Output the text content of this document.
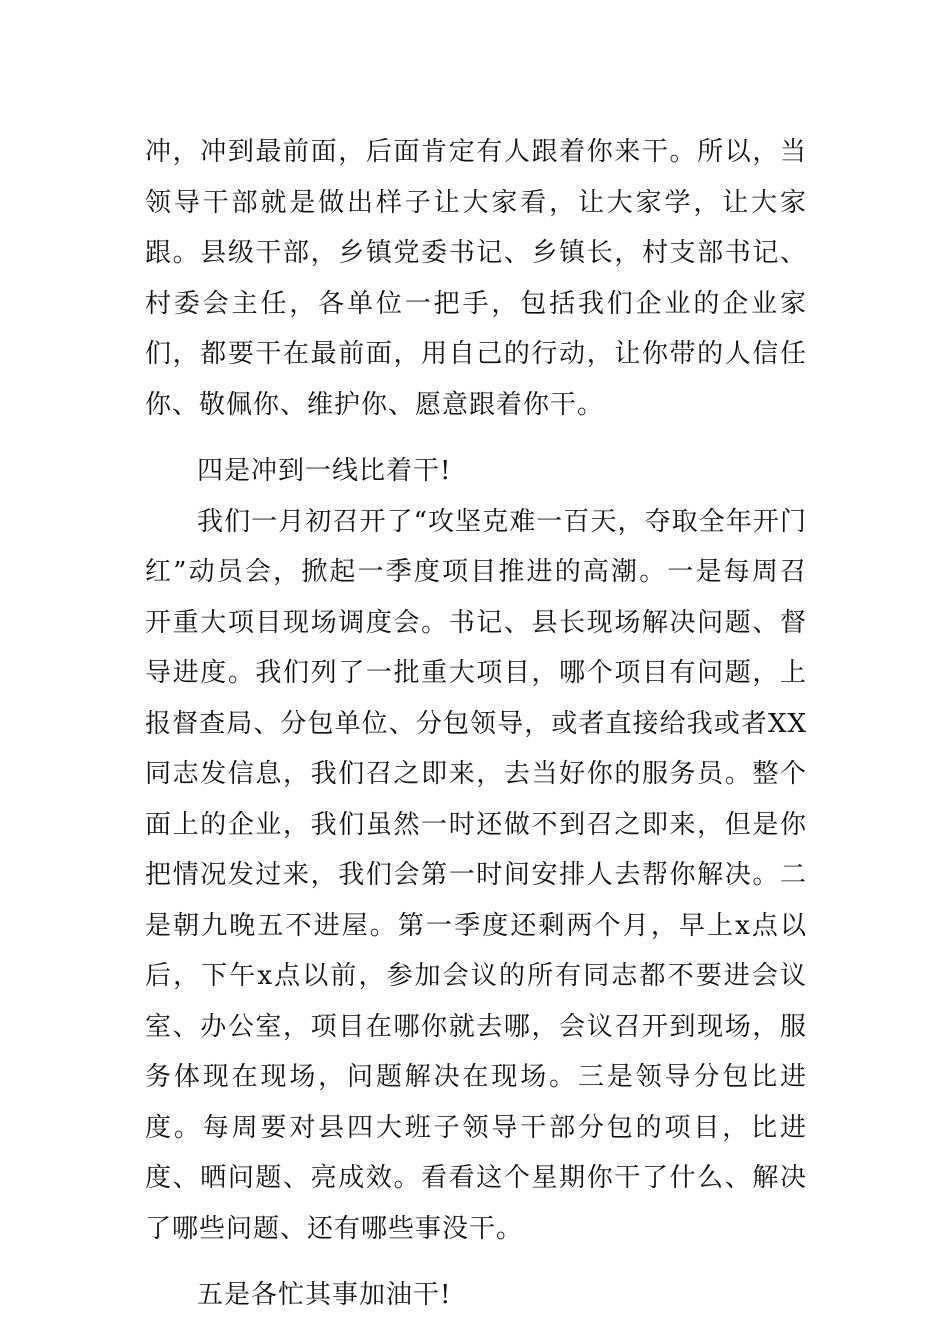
冲，冲到最前面，后面肯定有人跟着你来干。所以，当领导干部就是做出样子让大家看，让大家学，让大家跟。县级干部，乡镇党委书记、乡镇长，村支部书记、村委会主任，各单位一把手，包括我们企业的企业家们，都要干在最前面，用自己的行动，让你带的人信任你、敬佩你、维护你、愿意跟着你干。

四是冲到一线比着干!

我们一月初召开了“攻坚克难一百天，夺取全年开门红”动员会，掀起一季度项目推进的高潮。一是每周召开重大项目现场调度会。书记、县长现场解决问题、督导进度。我们列了一批重大项目，哪个项目有问题，上报督查局、分包单位、分包领导，或者直接给我或者XX同志发信息，我们召之即来，去当好你的服务员。整个面上的企业，我们虽然一时还做不到召之即来，但是你把情况发过来，我们会第一时间安排人去帮你解决。二是朝九晚五不进屋。第一季度还剩两个月，早上x点以后，下午x点以前，参加会议的所有同志都不要进会议室、办公室，项目在哪你就去哪，会议召开到现场，服务体现在现场，问题解决在现场。三是领导分包比进度。每周要对县四大班子领导干部分包的项目，比进度、晒问题、亮成效。看看这个星期你干了什么、解决了哪些问题、还有哪些事没干。

五是各忙其事加油干!
